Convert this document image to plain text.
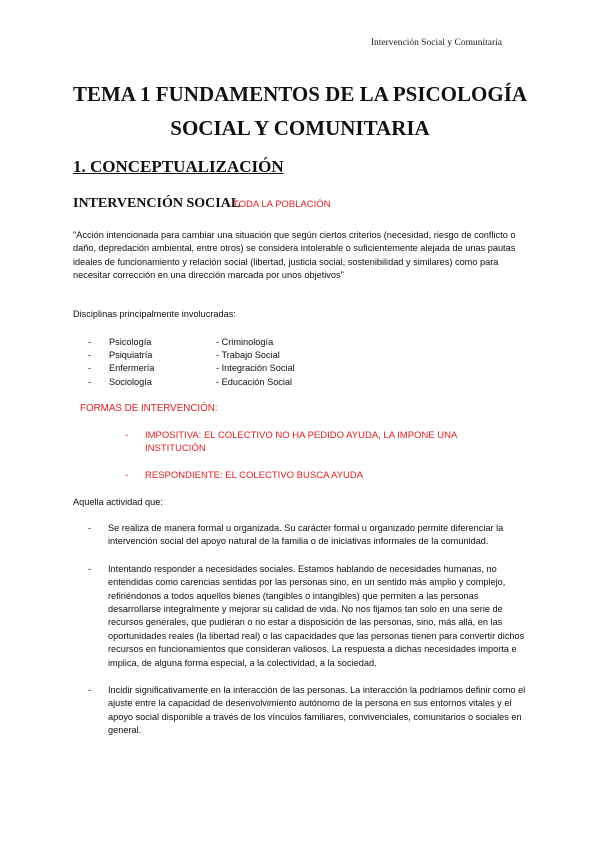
Intervención Social y Comunitaria
TEMA 1 FUNDAMENTOS DE LA PSICOLOGÍA
SOCIAL Y COMUNITARIA
1. CONCEPTUALIZACIÓN
INTERVENCIÓN SOCIAL
TODA LA POBLACIÓN

"Acción intencionada para cambiar una situación que según ciertos criterios (necesidad, riesgo de conflicto o daño, depredación ambiental, entre otros) se considera intolerable o suficientemente alejada de unas pautas ideales de funcionamiento y relación social (libertad, justicia social, sostenibilidad y similares) como para necesitar corrección en una dirección marcada por unos objetivos"

Disciplinas principalmente involucradas:
- Psicología	- Criminología
- Psiquiatría	- Trabajo Social
- Enfermería	- Integración Social
- Sociología	- Educación Social
FORMAS DE INTERVENCIÓN:
- IMPOSITIVA: EL COLECTIVO NO HA PEDIDO AYUDA, LA IMPONE UNA INSTITUCIÓN
- RESPONDIENTE: EL COLECTIVO BUSCA AYUDA
Aquella actividad que:
- Se realiza de manera formal u organizada. Su carácter formal u organizado permite diferenciar la intervención social del apoyo natural de la familia o de iniciativas informales de la comunidad.

- Intentando responder a necesidades sociales. Estamos hablando de necesidades humanas, no entendidas como carencias sentidas por las personas sino, en un sentido más amplio y complejo, refiriéndonos a todos aquellos bienes (tangibles o intangibles) que permiten a las personas desarrollarse integralmente y mejorar su calidad de vida. No nos fijamos tan solo en una serie de recursos generales, que pudieran o no estar a disposición de las personas, sino, más allá, en las oportunidades reales (la libertad real) o las capacidades que las personas tienen para convertir dichos recursos en funcionamientos que consideran valiosos. La respuesta a dichas necesidades importa e implica, de alguna forma especial, a la colectividad, a la sociedad.

- Incidir significativamente en la interacción de las personas. La interacción la podríamos definir como el ajuste entre la capacidad de desenvolvimiento autónomo de la persona en sus entornos vitales y el apoyo social disponible a través de los vínculos familiares, convivenciales, comunitarios o sociales en general.
